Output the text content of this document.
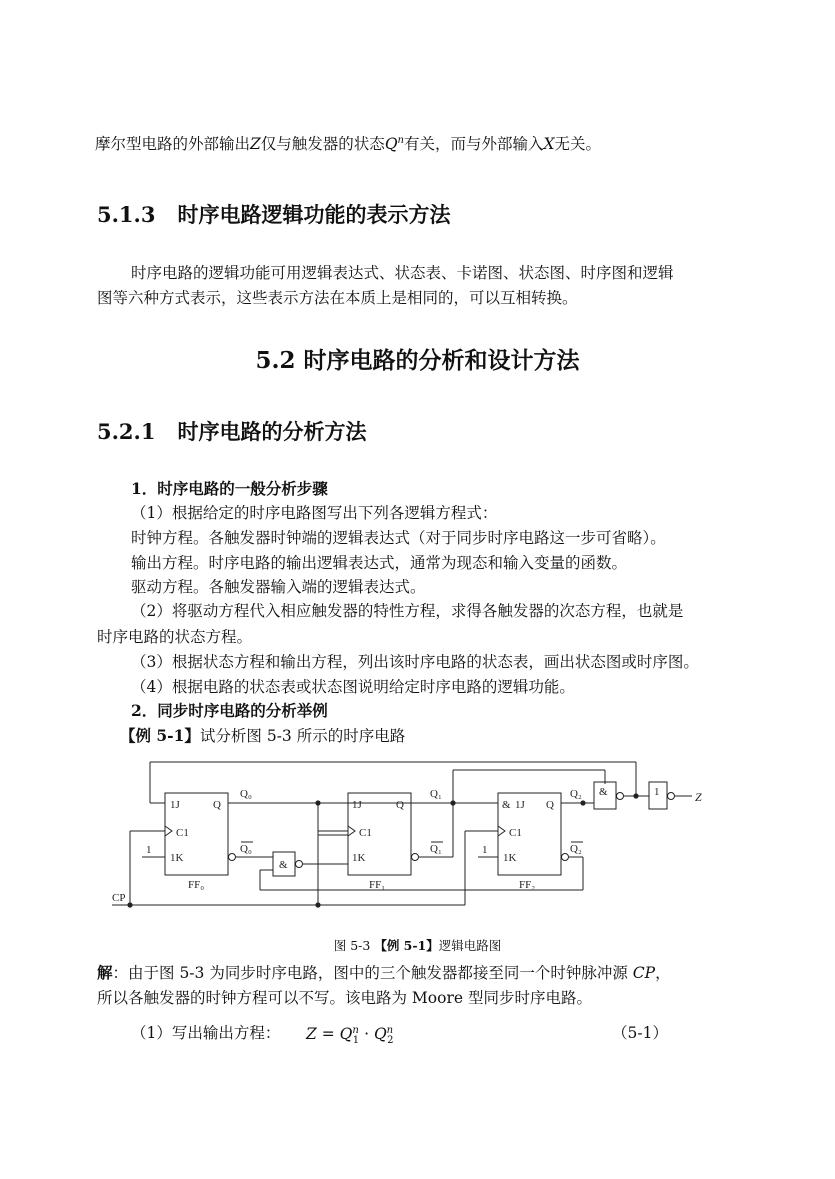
摩尔型电路的外部输出Z仅与触发器的状态$Q^n$有关，而与外部输入X无关。
5.1.3 时序电路逻辑功能的表示方法
时序电路的逻辑功能可用逻辑表达式、状态表、卡诺图、状态图、时序图和逻辑
图等六种方式表示，这些表示方法在本质上是相同的，可以互相转换。
5.2 时序电路的分析和设计方法
5.2.1 时序电路的分析方法
1．时序电路的一般分析步骤
（1）根据给定的时序电路图写出下列各逻辑方程式：
时钟方程。各触发器时钟端的逻辑表达式（对于同步时序电路这一步可省略）。
输出方程。时序电路的输出逻辑表达式，通常为现态和输入变量的函数。
驱动方程。各触发器输入端的逻辑表达式。
（2）将驱动方程代入相应触发器的特性方程，求得各触发器的次态方程，也就是
时序电路的状态方程。
（3）根据状态方程和输出方程，列出该时序电路的状态表，画出状态图或时序图。
（4）根据电路的状态表或状态图说明给定时序电路的逻辑功能。
2．同步时序电路的分析举例
【例 5-1】试分析图 5-3 所示的时序电路
1J	Q
C1
1K
FF₀
Q₀
Q₀
1
1J	Q
C1
1K
FF₁
Q₁
Q₁
& 1J Q
C1
1K
FF₂
Q₂
Q₂
1
&
&	1	Z
CP
图 5-3 【例 5-1】逻辑电路图
解：由于图 5-3 为同步时序电路，图中的三个触发器都接至同一个时钟脉冲源 CP，
所以各触发器的时钟方程可以不写。该电路为 Moore 型同步时序电路。
（1）写出输出方程： $Z = Q^n_1 \cdot Q^n_2$	（5-1）
